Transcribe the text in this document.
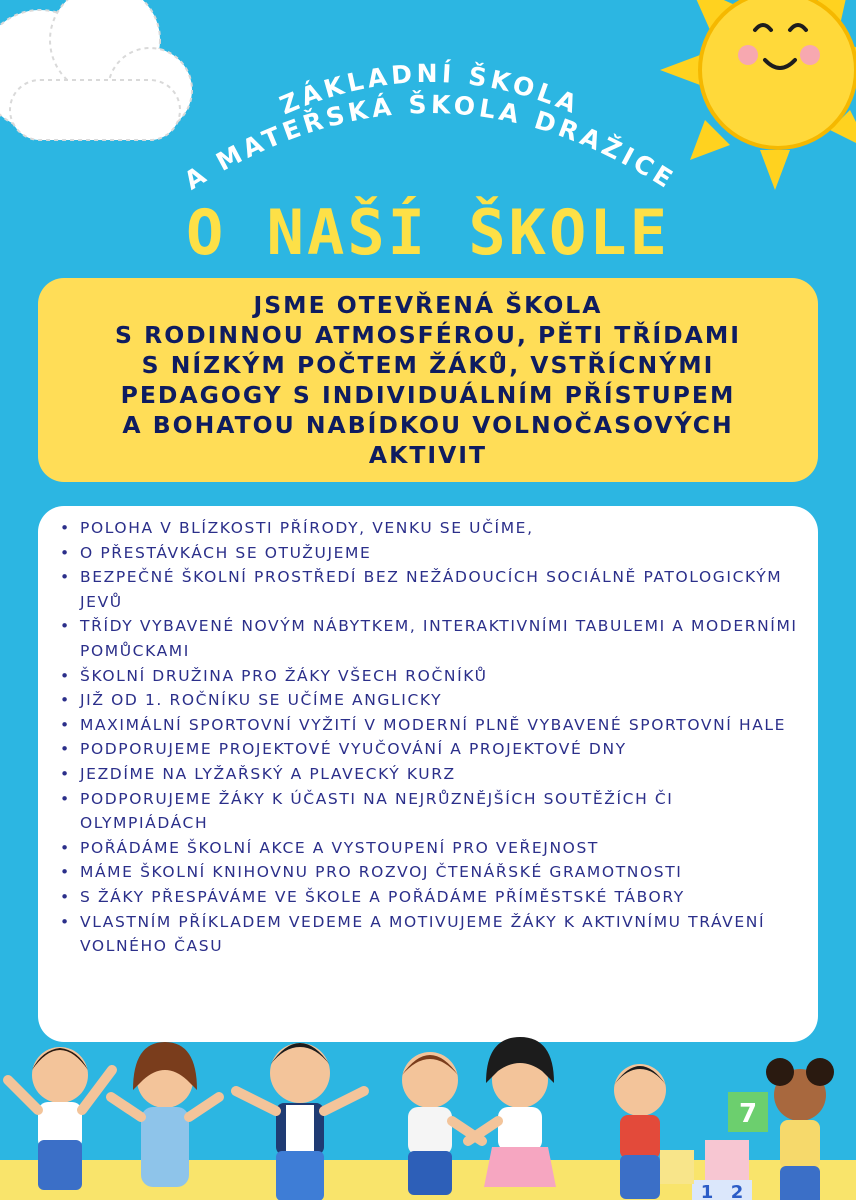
ZÁKLADNÍ ŠKOLA
A MATEŘSKÁ ŠKOLA DRAŽICE
O NAŠÍ ŠKOLE
JSME OTEVŘENÁ ŠKOLA
S RODINNOU ATMOSFÉROU, PĚTI TŘÍDAMI
S NÍZKÝM POČTEM ŽÁKŮ, VSTŘÍCNÝMI
PEDAGOGY S INDIVIDUÁLNÍM PŘÍSTUPEM
A BOHATOU NABÍDKOU VOLNOČASOVÝCH
AKTIVIT
• POLOHA V BLÍZKOSTI PŘÍRODY, VENKU SE UČÍME,
• O PŘESTÁVKÁCH SE OTUŽUJEME
• BEZPEČNÉ ŠKOLNÍ PROSTŘEDÍ BEZ NEŽÁDOUCÍCH SOCIÁLNĚ PATOLOGICKÝM JEVŮ
• TŘÍDY VYBAVENÉ NOVÝM NÁBYTKEM, INTERAKTIVNÍMI TABULEMI A MODERNÍMI POMŮCKAMI
• ŠKOLNÍ DRUŽINA PRO ŽÁKY VŠECH ROČNÍKŮ
• JIŽ OD 1. ROČNÍKU SE UČÍME ANGLICKY
• MAXIMÁLNÍ SPORTOVNÍ VYŽITÍ V MODERNÍ PLNĚ VYBAVENÉ SPORTOVNÍ HALE
• PODPORUJEME PROJEKTOVÉ VYUČOVÁNÍ A PROJEKTOVÉ DNY
• JEZDÍME NA LYŽAŘSKÝ A PLAVECKÝ KURZ
• PODPORUJEME ŽÁKY K ÚČASTI NA NEJRŮZNĚJŠÍCH SOUTĚŽÍCH ČI OLYMPIÁDÁCH
• POŘÁDÁME ŠKOLNÍ AKCE A VYSTOUPENÍ PRO VEŘEJNOST
• MÁME ŠKOLNÍ KNIHOVNU PRO ROZVOJ ČTENÁŘSKÉ GRAMOTNOSTI
• S ŽÁKY PŘESPÁVÁME VE ŠKOLE A POŘÁDÁME PŘÍMĚSTSKÉ TÁBORY
• VLASTNÍM PŘÍKLADEM VEDEME A MOTIVUJEME ŽÁKY K AKTIVNÍMU TRÁVENÍ VOLNÉHO ČASU
7
1 2
